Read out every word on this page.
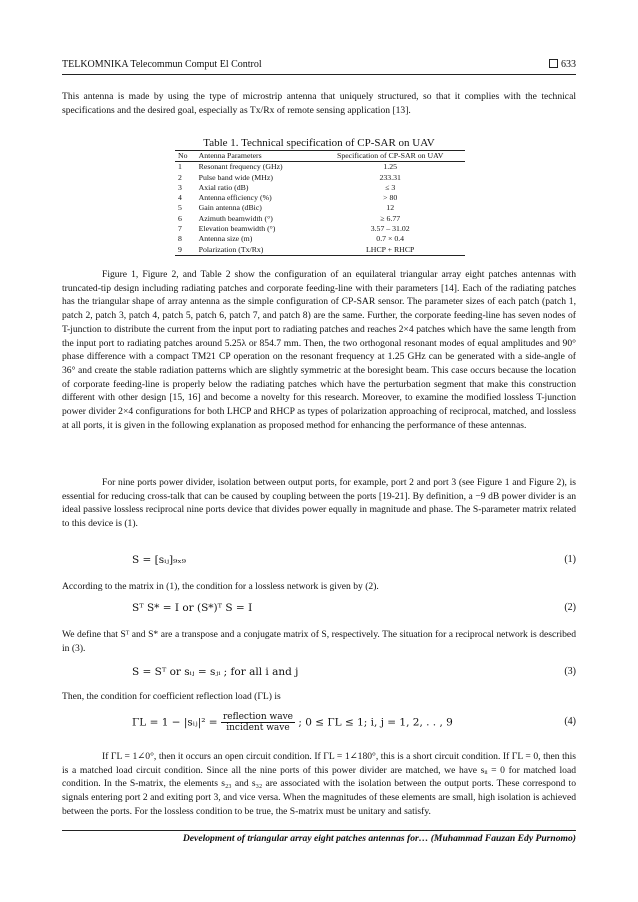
TELKOMNIKA Telecommun Comput El Control	633
This antenna is made by using the type of microstrip antenna that uniquely structured, so that it complies with the technical specifications and the desired goal, especially as Tx/Rx of remote sensing application [13].
Table 1. Technical specification of CP-SAR on UAV
No	Antenna Parameters	Specification of CP-SAR on UAV
1	Resonant frequency (GHz)	1.25
2	Pulse band wide (MHz)	233.31
3	Axial ratio (dB)	≤ 3
4	Antenna efficiency (%)	> 80
5	Gain antenna (dBic)	12
6	Azimuth beamwidth (°)	≥ 6.77
7	Elevation beamwidth (°)	3.57 – 31.02
8	Antenna size (m)	0.7 × 0.4
9	Polarization (Tx/Rx)	LHCP + RHCP
Figure 1, Figure 2, and Table 2 show the configuration of an equilateral triangular array eight patches antennas with truncated-tip design including radiating patches and corporate feeding-line with their parameters [14]. Each of the radiating patches has the triangular shape of array antenna as the simple configuration of CP-SAR sensor. The parameter sizes of each patch (patch 1, patch 2, patch 3, patch 4, patch 5, patch 6, patch 7, and patch 8) are the same. Further, the corporate feeding-line has seven nodes of T-junction to distribute the current from the input port to radiating patches and reaches 2×4 patches which have the same length from the input port to radiating patches around 5.25λ or 854.7 mm. Then, the two orthogonal resonant modes of equal amplitudes and 90° phase difference with a compact TM21 CP operation on the resonant frequency at 1.25 GHz can be generated with a side-angle of 36° and create the stable radiation patterns which are slightly symmetric at the boresight beam. This case occurs because the location of corporate feeding-line is properly below the radiating patches which have the perturbation segment that make this construction different with other design [15, 16] and become a novelty for this research. Moreover, to examine the modified lossless T-junction power divider 2×4 configurations for both LHCP and RHCP as types of polarization approaching of reciprocal, matched, and lossless at all ports, it is given in the following explanation as proposed method for enhancing the performance of these antennas.
For nine ports power divider, isolation between output ports, for example, port 2 and port 3 (see Figure 1 and Figure 2), is essential for reducing cross-talk that can be caused by coupling between the ports [19-21]. By definition, a −9 dB power divider is an ideal passive lossless reciprocal nine ports device that divides power equally in magnitude and phase. The S-parameter matrix related to this device is (1).
S = [sᵢⱼ]₉ₓ₉	(1)
According to the matrix in (1), the condition for a lossless network is given by (2).
Sᵀ S* = I or (S*)ᵀ S = I	(2)
We define that Sᵀ and S* are a transpose and a conjugate matrix of S, respectively. The situation for a reciprocal network is described in (3).
S = Sᵀ or sᵢⱼ = sⱼᵢ ; for all i and j	(3)
Then, the condition for coefficient reflection load (ΓL) is
ΓL = 1 − |sᵢⱼ|² = $\frac{\text{reflection wave}}{\text{incident wave}}$ ; 0 ≤ ΓL ≤ 1; i, j = 1, 2, . . , 9	(4)
If ΓL = 1∠0°, then it occurs an open circuit condition. If ΓL = 1∠180°, this is a short circuit condition. If ΓL = 0, then this is a matched load circuit condition. Since all the nine ports of this power divider are matched, we have sᵢᵢ = 0 for matched load condition. In the S-matrix, the elements s₂₃ and s₃₂ are associated with the isolation between the output ports. These correspond to signals entering port 2 and exiting port 3, and vice versa. When the magnitudes of these elements are small, high isolation is achieved between the ports. For the lossless condition to be true, the S-matrix must be unitary and satisfy.
Development of triangular array eight patches antennas for… (Muhammad Fauzan Edy Purnomo)
